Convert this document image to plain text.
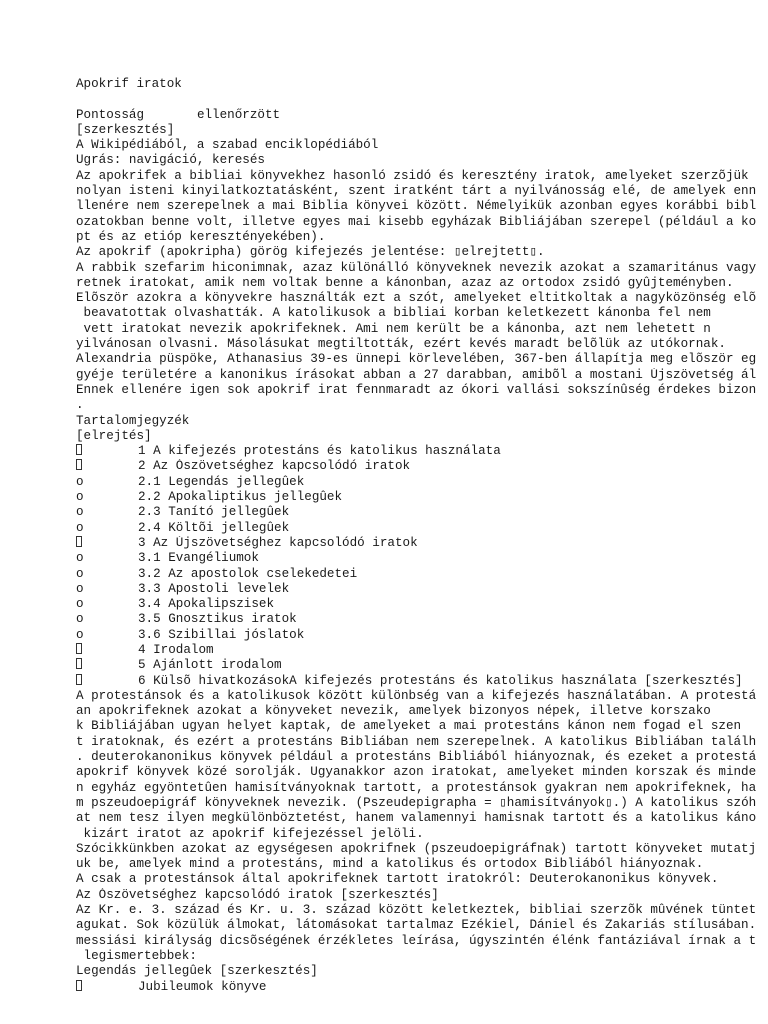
Apokrif iratok
Pontosság	ellenőrzött
[szerkesztés]
A Wikipédiából, a szabad enciklopédiából
Ugrás: navigáció, keresés
Az apokrifek a bibliai könyvekhez hasonló zsidó és keresztény iratok, amelyeket szerzõjük
nolyan isteni kinyilatkoztatásként, szent iratként tárt a nyilvánosság elé, de amelyek enn
llenére nem szerepelnek a mai Biblia könyvei között. Némelyikük azonban egyes korábbi bibl
ozatokban benne volt, illetve egyes mai kisebb egyházak Bibliájában szerepel (például a ko
pt és az etióp keresztényekében).
Az apokrif (apokripha) görög kifejezés jelentése: ▯elrejtett▯.
A rabbik szefarim hiconimnak, azaz különálló könyveknek nevezik azokat a szamaritánus vagy
retnek iratokat, amik nem voltak benne a kánonban, azaz az ortodox zsidó gyûjteményben.
Elõször azokra a könyvekre használták ezt a szót, amelyeket eltitkoltak a nagyközönség elõ
beavatottak olvashatták. A katolikusok a bibliai korban keletkezett kánonba fel nem
vett iratokat nevezik apokrifeknek. Ami nem került be a kánonba, azt nem lehetett n
yilvánosan olvasni. Másolásukat megtiltották, ezért kevés maradt belõlük az utókornak.
Alexandria püspöke, Athanasius 39-es ünnepi körlevelében, 367-ben állapítja meg elõször eg
gyéje területére a kanonikus írásokat abban a 27 darabban, amibõl a mostani Újszövetség ál
Ennek ellenére igen sok apokrif irat fennmaradt az ókori vallási sokszínûség érdekes bizon
.
Tartalomjegyzék
[elrejtés]
1 A kifejezés protestáns és katolikus használata
2 Az Ószövetséghez kapcsolódó iratok
o	2.1 Legendás jellegûek
o	2.2 Apokaliptikus jellegûek
o	2.3 Tanító jellegûek
o	2.4 Költõi jellegûek
3 Az Újszövetséghez kapcsolódó iratok
o	3.1 Evangéliumok
o	3.2 Az apostolok cselekedetei
o	3.3 Apostoli levelek
o	3.4 Apokalipszisek
o	3.5 Gnosztikus iratok
o	3.6 Szibillai jóslatok
4 Irodalom
5 Ajánlott irodalom
6 Külsõ hivatkozásokA kifejezés protestáns és katolikus használata [szerkesztés]
A protestánsok és a katolikusok között különbség van a kifejezés használatában. A protestá
an apokrifeknek azokat a könyveket nevezik, amelyek bizonyos népek, illetve korszako
k Bibliájában ugyan helyet kaptak, de amelyeket a mai protestáns kánon nem fogad el szen
t iratoknak, és ezért a protestáns Bibliában nem szerepelnek. A katolikus Bibliában találh
. deuterokanonikus könyvek például a protestáns Bibliából hiányoznak, és ezeket a protestá
apokrif könyvek közé sorolják. Ugyanakkor azon iratokat, amelyeket minden korszak és minde
n egyház egyöntetûen hamisítványoknak tartott, a protestánsok gyakran nem apokrifeknek, ha
m pszeudoepigráf könyveknek nevezik. (Pszeudepigrapha = ▯hamisítványok▯.) A katolikus szóh
at nem tesz ilyen megkülönböztetést, hanem valamennyi hamisnak tartott és a katolikus káno
kizárt iratot az apokrif kifejezéssel jelöli.
Szócikkünkben azokat az egységesen apokrifnek (pszeudoepigráfnak) tartott könyveket mutatj
uk be, amelyek mind a protestáns, mind a katolikus és ortodox Bibliából hiányoznak.
A csak a protestánsok által apokrifeknek tartott iratokról: Deuterokanonikus könyvek.
Az Ószövetséghez kapcsolódó iratok [szerkesztés]
Az Kr. e. 3. század és Kr. u. 3. század között keletkeztek, bibliai szerzõk mûvének tüntet
agukat. Sok közülük álmokat, látomásokat tartalmaz Ezékiel, Dániel és Zakariás stílusában.
messiási királyság dicsõségének érzékletes leírása, úgyszintén élénk fantáziával írnak a t
legismertebbek:
Legendás jellegûek [szerkesztés]
Jubileumok könyve
